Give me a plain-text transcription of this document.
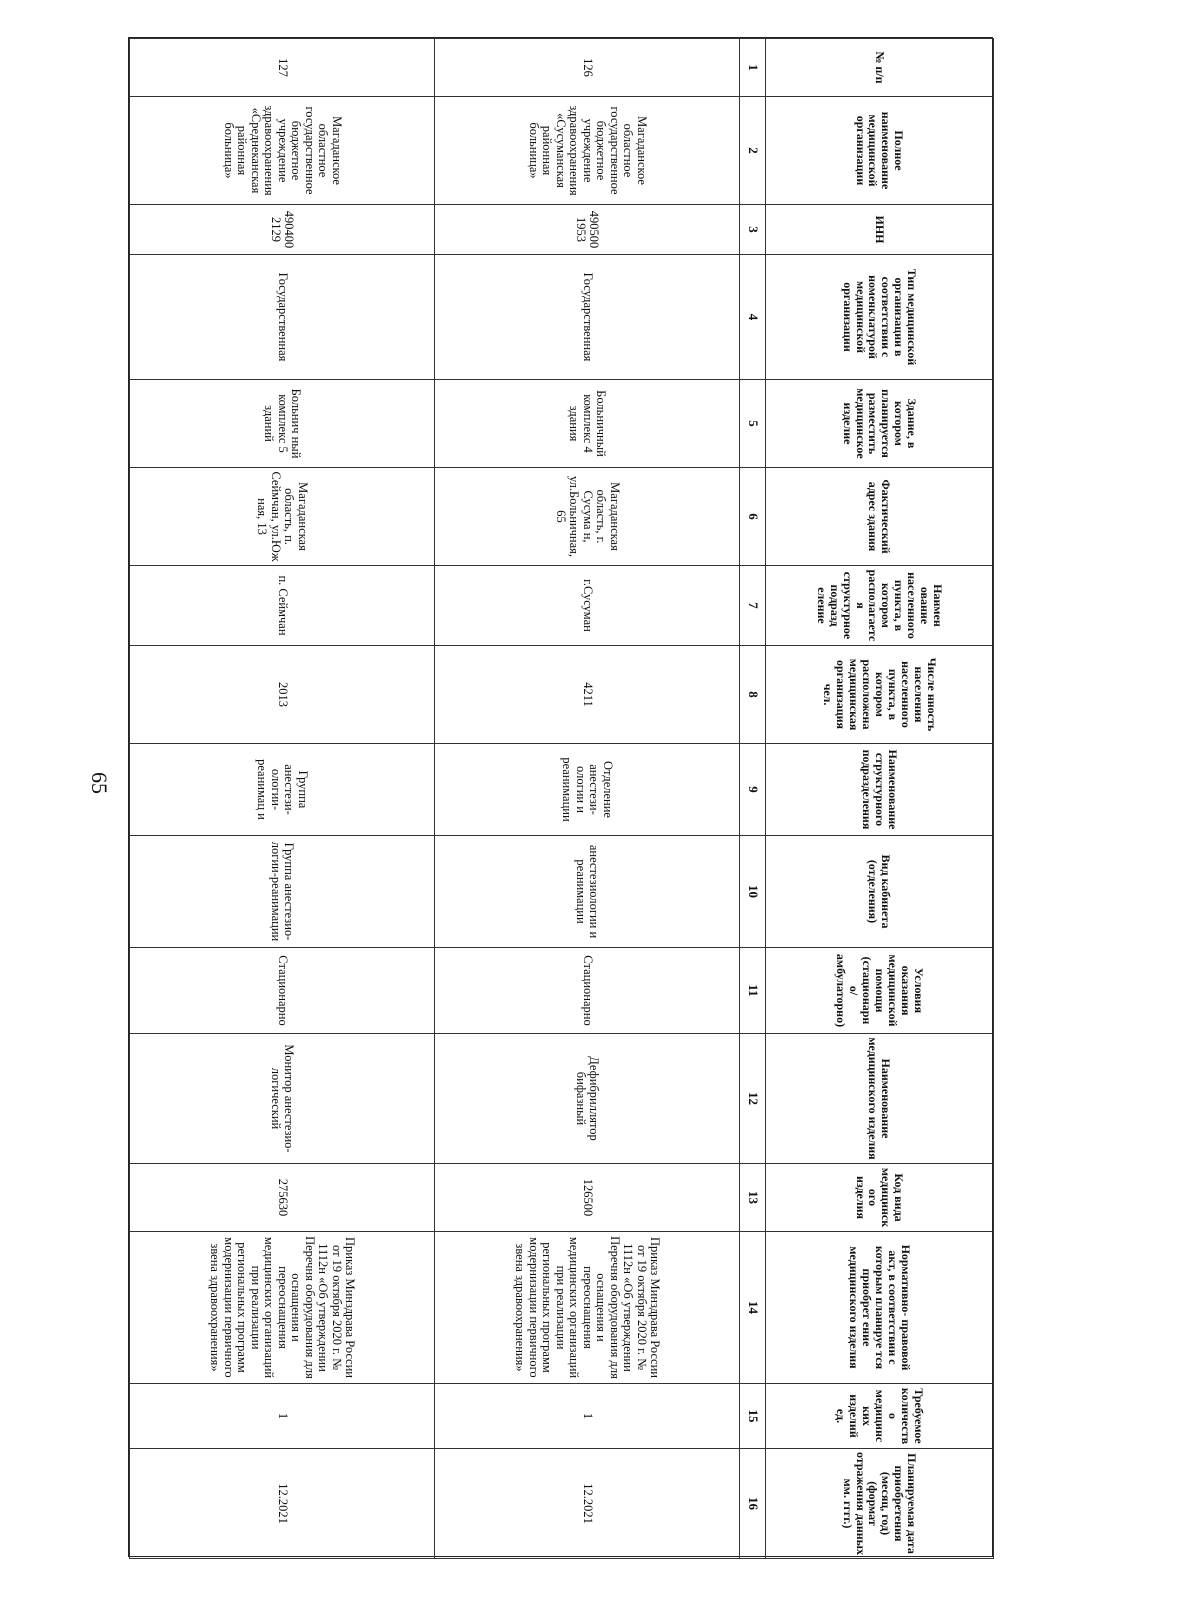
65
№ п/п	Полное наименование медицинской организации	ИНН	Тип медицинской организации в соответствии с номенклатурой медицинской организации	Здание, в котором планируется разместить медицинское изделие	Фактический адрес здания	Наимен ование населенного пункта, в котором располагается структурное подразд еление	Числе нность населения населенного пункта, в котором расположена медицинская организация чел.	Наименование структурного подразделения	Вид кабинета (отделения)	Условия оказания медицинской помощи (стационарн о/амбулаторно)	Наименование медицинского изделия	Код вида медицинского изделия	Нормативно- правовой акт, в соответствии с которым планируе тся приобрет ение медицинского изделия	Требуемое количество медицинских изделий ед.	Планируемая дата приобретения (месяц, год) (формат отражения данных мм. гггг.)
1	2	3	4	5	6	7	8	9	10	11	12	13	14	15	16
126	Магаданское областное государственное бюджетное учреждение здравоохранения «Сусуманская районная больница»	4905001953	Государственная	Больничный комплекс 4 здания	Магаданская область, г. Сусума н, ул.Больничная, 65	г.Сусуман	4211	Отделение анестези-ологии и реанимации	анестезиологии и реанимации	Стационарно	Дефибриллятор бифазный	126500	Приказ Минздрава России от 19 октября 2020 г. № 1112н «Об утверждении Перечня оборудования для оснащения и переоснащения медицинских организаций при реализации региональных программ модернизации первичного звена здравоохранения»	1	12.2021
127	Магаданское областное государственное бюджетное учреждение здравоохранения «Среднеканская районная больница»	4904002129	Государственная	Больнич ный комплекс 5 зданий	Магаданская область, п. Сеймчан, ул.Юж ная, 13	п. Сеймчан	2013	Группа анестези-ологии-реанимац и	Группа анестезио-логии-реанимации	Стационарно	Монитор анестезио-логический	275630	Приказ Минздрава России от 19 октября 2020 г. № 1112н «Об утверждении Перечня оборудования для оснащения и переоснащения медицинских организаций при реализации региональных программ модернизации первичного звена здравоохранения»	1	12.2021
